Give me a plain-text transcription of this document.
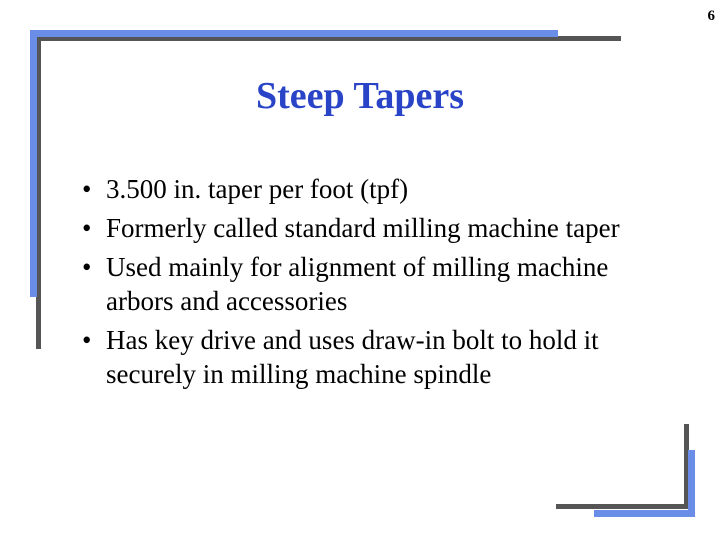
6
Steep Tapers
• 3.500 in. taper per foot (tpf)
• Formerly called standard milling machine taper
• Used mainly for alignment of milling machine arbors and accessories
• Has key drive and uses draw-in bolt to hold it securely in milling machine spindle
